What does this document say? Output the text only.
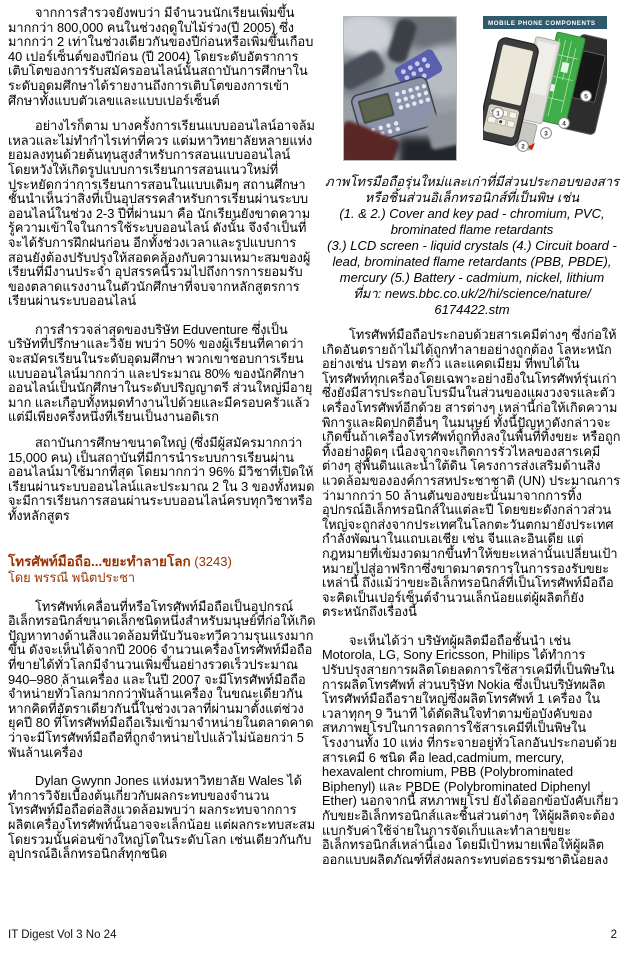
จากการสำรวจยังพบว่า มีจำนวนนักเรียนเพิ่มขึ้นมากกว่า 800,000 คนในช่วงฤดูใบไม้ร่วง(ปี 2005) ซึ่งมากกว่า 2 เท่าในช่วงเดียวกันของปีก่อนหรือเพิ่มขึ้นเกือบ 40 เปอร์เซ็นต์ของปีก่อน (ปี 2004) โดยระดับอัตราการเติบโตของการรับสมัครออนไลน์นั้นสถาบันการศึกษาในระดับอุดมศึกษาได้รายงานถึงการเติบโตของการเข้าศึกษาทั้งแบบตัวเลขและแบบเปอร์เซ็นต์

อย่างไรก็ตาม บางครั้งการเรียนแบบออนไลน์อาจล้มเหลวและไม่ทำกำไรเท่าที่ควร แต่มหาวิทยาลัยหลายแห่งยอมลงทุนด้วยต้นทุนสูงสำหรับการสอนแบบออนไลน์ โดยหวังให้เกิดรูปแบบการเรียนการสอนแนวใหม่ที่ประหยัดกว่าการเรียนการสอนในแบบเดิมๆ สถานศึกษาชั้นนำเห็นว่าสิ่งที่เป็นอุปสรรคสำหรับการเรียนผ่านระบบออนไลน์ในช่วง 2-3 ปีที่ผ่านมา คือ นักเรียนยังขาดความรู้ความเข้าใจในการใช้ระบบออนไลน์ ดังนั้น จึงจำเป็นที่จะได้รับการฝึกฝนก่อน อีกทั้งช่วงเวลาและรูปแบบการสอนยังต้องปรับปรุงให้สอดคล้องกับความเหมาะสมของผู้เรียนที่มีงานประจำ อุปสรรคนี้รวมไปถึงการการยอมรับของตลาดแรงงานในตัวนักศึกษาที่จบจากหลักสูตรการเรียนผ่านระบบออนไลน์

การสำรวจล่าสุดของบริษัท Eduventure ซึ่งเป็นบริษัทที่ปรึกษาและวิจัย พบว่า 50% ของผู้เรียนที่คาดว่าจะสมัครเรียนในระดับอุดมศึกษา พวกเขาชอบการเรียนแบบออนไลน์มากกว่า และประมาณ 80% ของนักศึกษาออนไลน์เป็นนักศึกษาในระดับปริญญาตรี ส่วนใหญ่มีอายุมาก และเกือบทั้งหมดทำงานไปด้วยและมีครอบครัวแล้ว แต่มีเพียงครึ่งหนึ่งที่เรียนเป็นงานอดิเรก

สถาบันการศึกษาขนาดใหญ่ (ซึ่งมีผู้สมัครมากกว่า 15,000 คน) เป็นสถาบันที่มีการนำระบบการเรียนผ่านออนไลน์มาใช้มากที่สุด โดยมากกว่า 96% มีวิชาที่เปิดให้เรียนผ่านระบบออนไลน์และประมาณ 2 ใน 3 ของทั้งหมดจะมีการเรียนการสอนผ่านระบบออนไลน์ครบทุกวิชาหรือทั้งหลักสูตร

โทรศัพท์มือถือ...ขยะทำลายโลก (3243)
โดย พรรณี พนิตประชา

โทรศัพท์เคลื่อนที่หรือโทรศัพท์มือถือเป็นอุปกรณ์อิเล็กทรอนิกส์ขนาดเล็กชนิดหนึ่งสำหรับมนุษย์ที่ก่อให้เกิดปัญหาทางด้านสิ่งแวดล้อมที่นับวันจะทวีความรุนแรงมากขึ้น ดังจะเห็นได้จากปี 2006 จำนวนเครื่องโทรศัพท์มือถือที่ขายได้ทั่วโลกมีจำนวนเพิ่มขึ้นอย่างรวดเร็วประมาณ 940–980 ล้านเครื่อง และในปี 2007 จะมีโทรศัพท์มือถือจำหน่ายทั่วโลกมากกว่าพันล้านเครื่อง ในขณะเดียวกันหากคิดที่อัตราเดียวกันนี้ในช่วงเวลาที่ผ่านมาตั้งแต่ช่วงยุคปี 80 ที่โทรศัพท์มือถือเริ่มเข้ามาจำหน่ายในตลาดคาดว่าจะมีโทรศัพท์มือถือที่ถูกจำหน่ายไปแล้วไม่น้อยกว่า 5 พันล้านเครื่อง

Dylan Gwynn Jones แห่งมหาวิทยาลัย Wales ได้ทำการวิจัยเบื้องต้นเกี่ยวกับผลกระทบของจำนวนโทรศัพท์มือถือต่อสิ่งแวดล้อมพบว่า ผลกระทบจากการผลิตเครื่องโทรศัพท์นั้นอาจจะเล็กน้อย แต่ผลกระทบสะสมโดยรวมนั้นค่อนข้างใหญ่โตในระดับโลก เช่นเดียวกันกับอุปกรณ์อิเล็กทรอนิกส์ทุกชนิด

MOBILE PHONE COMPONENTS
1
2
3
4
5
ภาพโทรมือถือรุ่นใหม่และเก่าที่มีส่วนประกอบของสารหรือชิ้นส่วนอิเล็กทรอนิกส์ที่เป็นพิษ เช่น
(1. & 2.) Cover and key pad - chromium, PVC, brominated flame retardants
(3.) LCD screen - liquid crystals (4.) Circuit board - lead, brominated flame retardants (PBB, PBDE), mercury (5.) Battery - cadmium, nickel, lithium
ที่มา: news.bbc.co.uk/2/hi/science/nature/ 6174422.stm

โทรศัพท์มือถือประกอบด้วยสารเคมีต่างๆ ซึ่งก่อให้เกิดอันตรายถ้าไม่ได้ถูกทำลายอย่างถูกต้อง โลหะหนักอย่างเช่น ปรอท ตะกั่ว และแคดเมียม ที่พบได้ในโทรศัพท์ทุกเครื่องโดยเฉพาะอย่างยิ่งในโทรศัพท์รุ่นเก่าซึ่งยังมีสารประกอบโบรมีนในส่วนของแผงวงจรและตัวเครื่องโทรศัพท์อีกด้วย สารต่างๆ เหล่านี้ก่อให้เกิดความพิการและผิดปกติอื่นๆ ในมนุษย์ ทั้งนี้ปัญหาดังกล่าวจะเกิดขึ้นถ้าเครื่องโทรศัพท์ถูกทิ้งลงในพื้นที่ทิ้งขยะ หรือถูกทิ้งอย่างผิดๆ เนื่องจากจะเกิดการรั่วไหลของสารเคมีต่างๆ สู่พื้นดินและน้ำใต้ดิน โครงการส่งเสริมด้านสิ่งแวดล้อมขององค์การสหประชาชาติ (UN) ประมาณการว่ามากกว่า 50 ล้านตันของขยะนั้นมาจากการทิ้งอุปกรณ์อิเล็กทรอนิกส์ในแต่ละปี โดยขยะดังกล่าวส่วนใหญ่จะถูกส่งจากประเทศในโลกตะวันตกมายังประเทศกำลังพัฒนาในแถบเอเชีย เช่น จีนและอินเดีย แต่กฎหมายที่เข้มงวดมากขึ้นทำให้ขยะเหล่านั้นเปลี่ยนเป้าหมายไปสู่อาฟริกาซึ่งขาดมาตรการในการรองรับขยะเหล่านี้ ถึงแม้ว่าขยะอิเล็กทรอนิกส์ที่เป็นโทรศัพท์มือถือจะคิดเป็นเปอร์เซ็นต์จำนวนเล็กน้อยแต่ผู้ผลิตก็ยังตระหนักถึงเรื่องนี้

จะเห็นได้ว่า บริษัทผู้ผลิตมือถือชั้นนำ เช่น Motorola, LG, Sony Ericsson, Philips ได้ทำการปรับปรุงสายการผลิตโดยลดการใช้สารเคมีที่เป็นพิษในการผลิตโทรศัพท์ ส่วนบริษัท Nokia ซึ่งเป็นบริษัทผลิตโทรศัพท์มือถือรายใหญ่ซึ่งผลิตโทรศัพท์ 1 เครื่อง ในเวลาทุกๆ 9 วินาที ได้ตัดสินใจทำตามข้อบังคับของสหภาพยุโรปในการลดการใช้สารเคมีที่เป็นพิษในโรงงานทั้ง 10 แห่ง ที่กระจายอยู่ทั่วโลกอันประกอบด้วยสารเคมี 6 ชนิด คือ lead,cadmium, mercury, hexavalent chromium, PBB (Polybrominated Biphenyl) และ PBDE (Polybrominated Diphenyl Ether) นอกจากนี้ สหภาพยุโรป ยังได้ออกข้อบังคับเกี่ยวกับขยะอิเล็กทรอนิกส์และชิ้นส่วนต่างๆ ให้ผู้ผลิตจะต้องแบกรับค่าใช้จ่ายในการจัดเก็บและทำลายขยะอิเล็กทรอนิกส์เหล่านี้เอง โดยมีเป้าหมายเพื่อให้ผู้ผลิตออกแบบผลิตภัณฑ์ที่ส่งผลกระทบต่อธรรมชาติน้อยลง

IT Digest Vol 3 No 24	2
